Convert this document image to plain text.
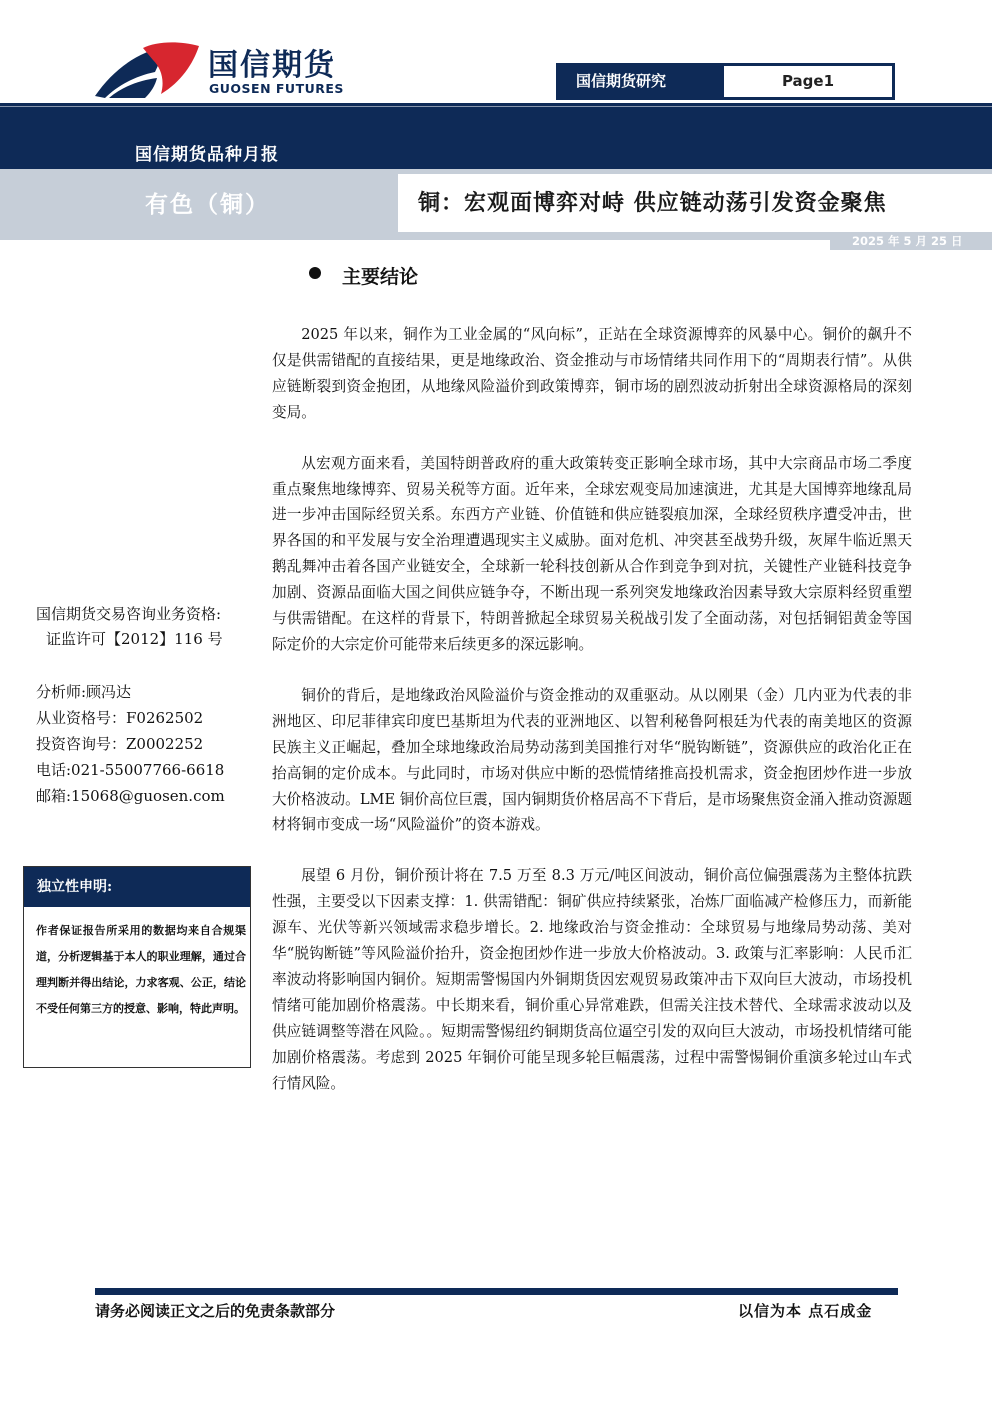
国信期货
GUOSEN FUTURES	国信期货研究	Page1
国信期货品种月报
有色（铜）	铜：宏观面博弈对峙 供应链动荡引发资金聚焦
2025 年 5 月 25 日
主要结论

2025 年以来，铜作为工业金属的“风向标”，正站在全球资源博弈的风暴中心。铜价的飙升不仅是供需错配的直接结果，更是地缘政治、资金推动与市场情绪共同作用下的“周期表行情”。从供应链断裂到资金抱团，从地缘风险溢价到政策博弈，铜市场的剧烈波动折射出全球资源格局的深刻变局。

从宏观方面来看，美国特朗普政府的重大政策转变正影响全球市场，其中大宗商品市场二季度重点聚焦地缘博弈、贸易关税等方面。近年来，全球宏观变局加速演进，尤其是大国博弈地缘乱局进一步冲击国际经贸关系。东西方产业链、价值链和供应链裂痕加深，全球经贸秩序遭受冲击，世界各国的和平发展与安全治理遭遇现实主义威胁。面对危机、冲突甚至战势升级，灰犀牛临近黑天鹅乱舞冲击着各国产业链安全，全球新一轮科技创新从合作到竞争到对抗，关键性产业链科技竞争加剧、资源品面临大国之间供应链争夺，不断出现一系列突发地缘政治因素导致大宗原料经贸重塑与供需错配。在这样的背景下，特朗普掀起全球贸易关税战引发了全面动荡，对包括铜铝黄金等国际定价的大宗定价可能带来后续更多的深远影响。

铜价的背后，是地缘政治风险溢价与资金推动的双重驱动。从以刚果（金）几内亚为代表的非洲地区、印尼菲律宾印度巴基斯坦为代表的亚洲地区、以智利秘鲁阿根廷为代表的南美地区的资源民族主义正崛起，叠加全球地缘政治局势动荡到美国推行对华“脱钩断链”，资源供应的政治化正在抬高铜的定价成本。与此同时，市场对供应中断的恐慌情绪推高投机需求，资金抱团炒作进一步放大价格波动。LME 铜价高位巨震，国内铜期货价格居高不下背后，是市场聚焦资金涌入推动资源题材将铜市变成一场“风险溢价”的资本游戏。

展望 6 月份，铜价预计将在 7.5 万至 8.3 万元/吨区间波动，铜价高位偏强震荡为主整体抗跌性强，主要受以下因素支撑：1. 供需错配：铜矿供应持续紧张，冶炼厂面临减产检修压力，而新能源车、光伏等新兴领域需求稳步增长。2. 地缘政治与资金推动：全球贸易与地缘局势动荡、美对华“脱钩断链”等风险溢价抬升，资金抱团炒作进一步放大价格波动。3. 政策与汇率影响：人民币汇率波动将影响国内铜价。短期需警惕国内外铜期货因宏观贸易政策冲击下双向巨大波动，市场投机情绪可能加剧价格震荡。中长期来看，铜价重心异常难跌，但需关注技术替代、全球需求波动以及供应链调整等潜在风险。。短期需警惕纽约铜期货高位逼空引发的双向巨大波动，市场投机情绪可能加剧价格震荡。考虑到 2025 年铜价可能呈现多轮巨幅震荡，过程中需警惕铜价重演多轮过山车式行情风险。

国信期货交易咨询业务资格:
证监许可【2012】116 号
分析师:顾冯达
从业资格号：F0262502
投资咨询号：Z0002252
电话:021-55007766-6618
邮箱:15068@guosen.com
独立性申明:
作者保证报告所采用的数据均来自合规渠道，分析逻辑基于本人的职业理解，通过合理判断并得出结论，力求客观、公正，结论不受任何第三方的授意、影响，特此声明。
请务必阅读正文之后的免责条款部分	以信为本 点石成金
